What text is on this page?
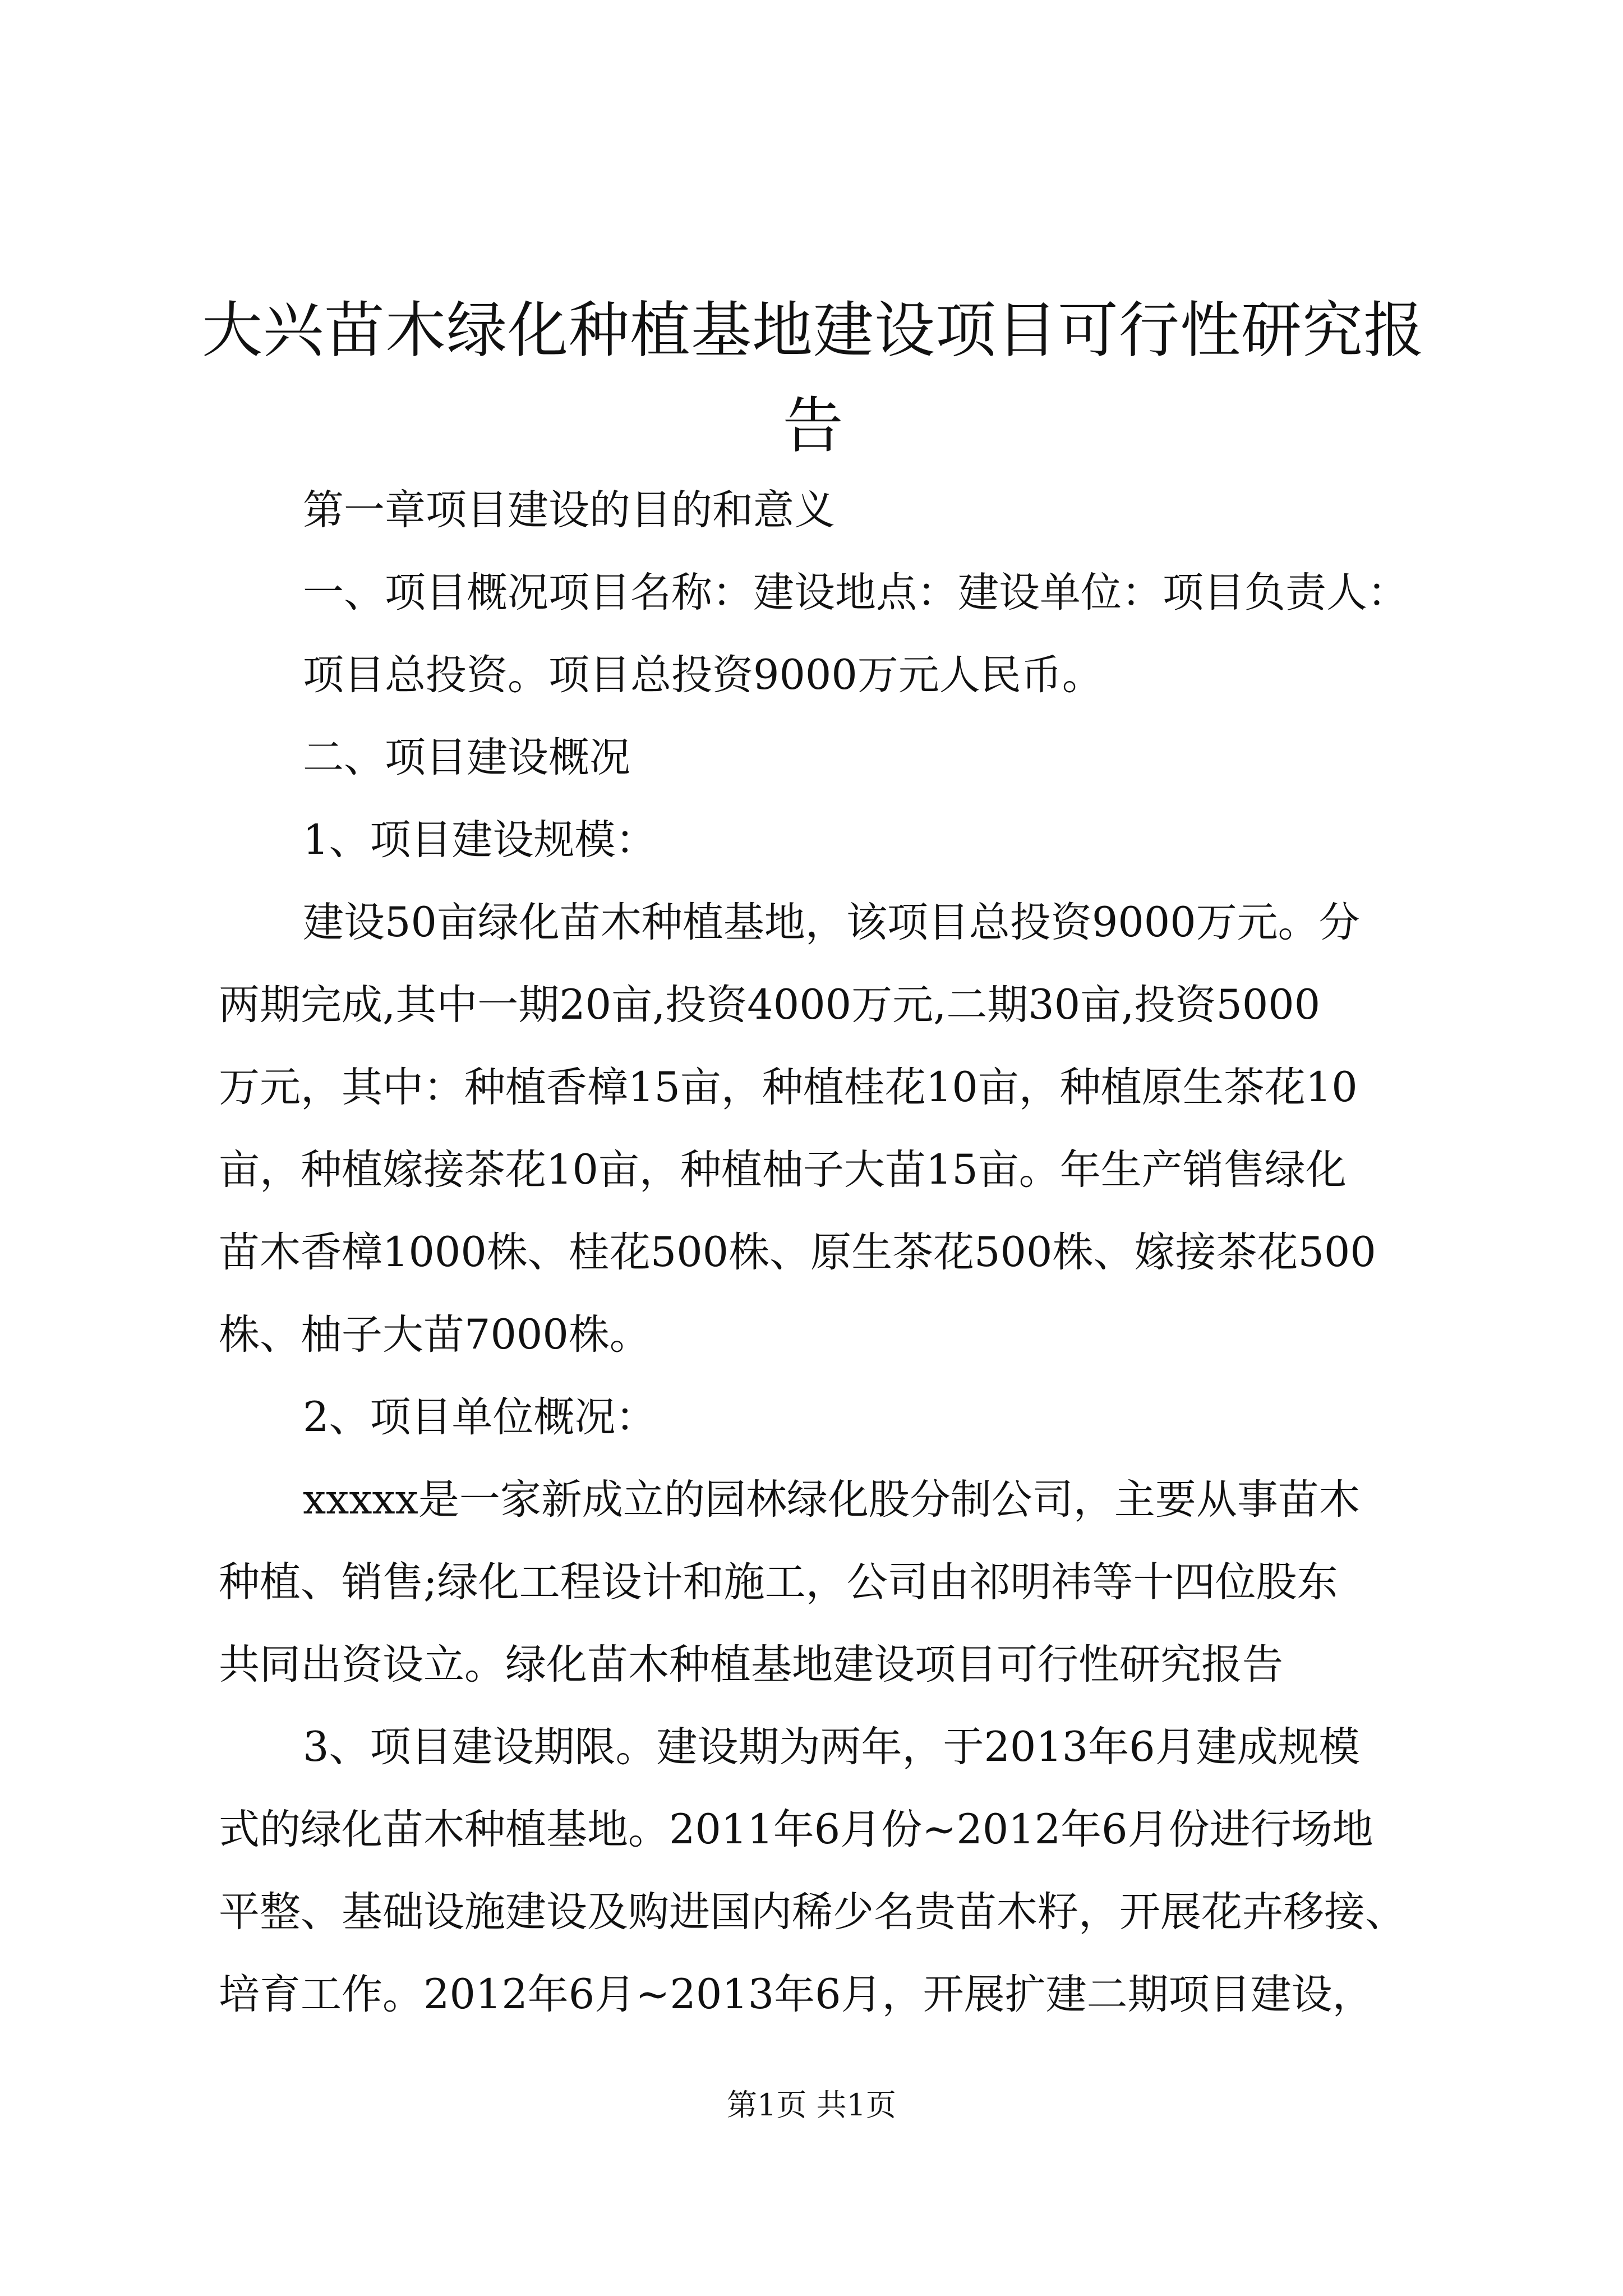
大兴苗木绿化种植基地建设项目可行性研究报告

第一章项目建设的目的和意义

一、项目概况项目名称：建设地点：建设单位：项目负责人：

项目总投资。项目总投资9000万元人民币。

二、项目建设概况

1、项目建设规模：

建设50亩绿化苗木种植基地，该项目总投资9000万元。分

两期完成,其中一期20亩,投资4000万元,二期30亩,投资5000

万元，其中：种植香樟15亩，种植桂花10亩，种植原生茶花10

亩，种植嫁接茶花10亩，种植柚子大苗15亩。年生产销售绿化

苗木香樟1000株、桂花500株、原生茶花500株、嫁接茶花500

株、柚子大苗7000株。

2、项目单位概况：

xxxxx是一家新成立的园林绿化股分制公司，主要从事苗木

种植、销售;绿化工程设计和施工，公司由祁明祎等十四位股东

共同出资设立。绿化苗木种植基地建设项目可行性研究报告

3、项目建设期限。建设期为两年，于2013年6月建成规模

式的绿化苗木种植基地。2011年6月份~2012年6月份进行场地

平整、基础设施建设及购进国内稀少名贵苗木籽，开展花卉移接、

培育工作。2012年6月~2013年6月，开展扩建二期项目建设，

第1页 共1页
